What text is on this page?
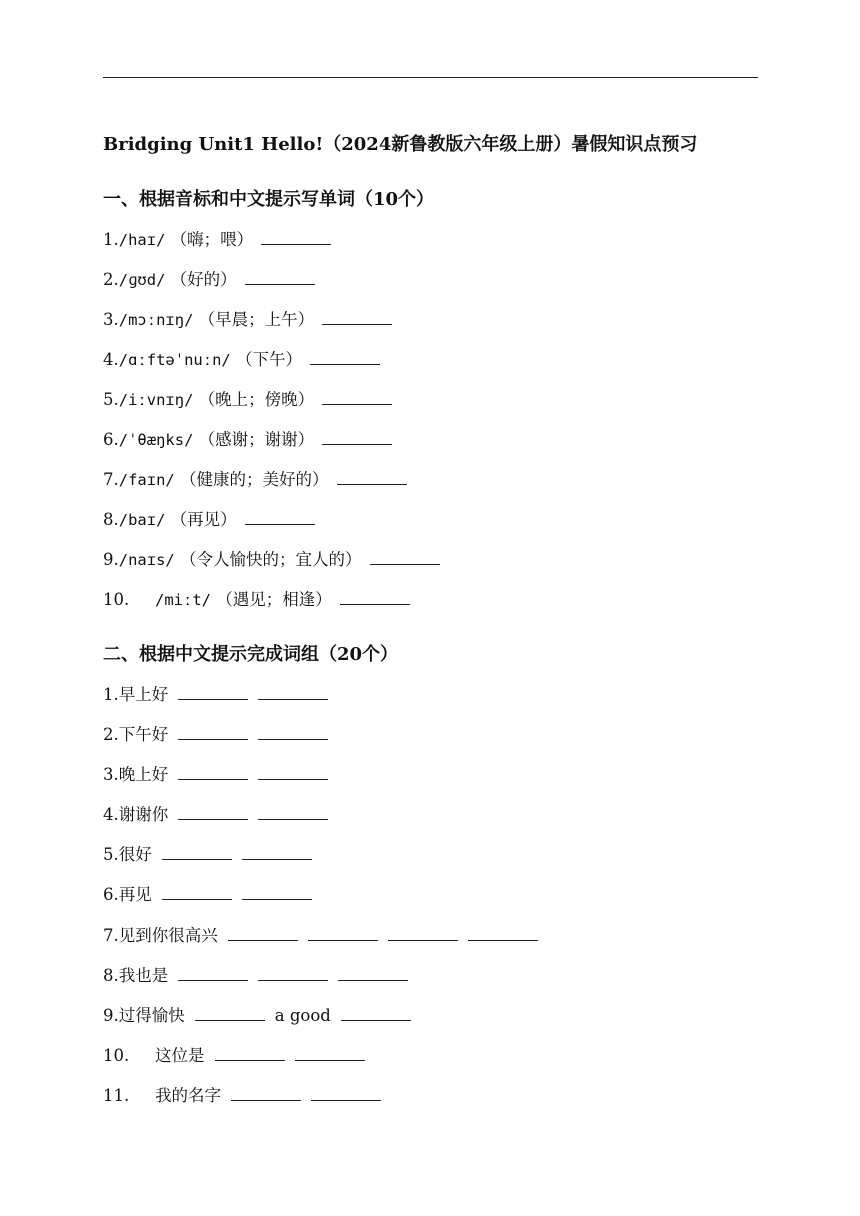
Bridging Unit1 Hello!（2024新鲁教版六年级上册）暑假知识点预习
一、根据音标和中文提示写单词（10个）
1./haɪ/ （嗨；喂）
2./ɡʊd/ （好的）
3./mɔːnɪŋ/ （早晨；上午）
4./ɑːftəˈnuːn/ （下午）
5./iːvnɪŋ/ （晚上；傍晚）
6./ˈθæŋks/ （感谢；谢谢）
7./faɪn/ （健康的；美好的）
8./baɪ/ （再见）
9./naɪs/ （令人愉快的；宜人的）
10. /miːt/ （遇见；相逢）
二、根据中文提示完成词组（20个）
1.早上好
2.下午好
3.晚上好
4.谢谢你
5.很好
6.再见
7.见到你很高兴
8.我也是
9.过得愉快	a good
10. 这位是
11. 我的名字
